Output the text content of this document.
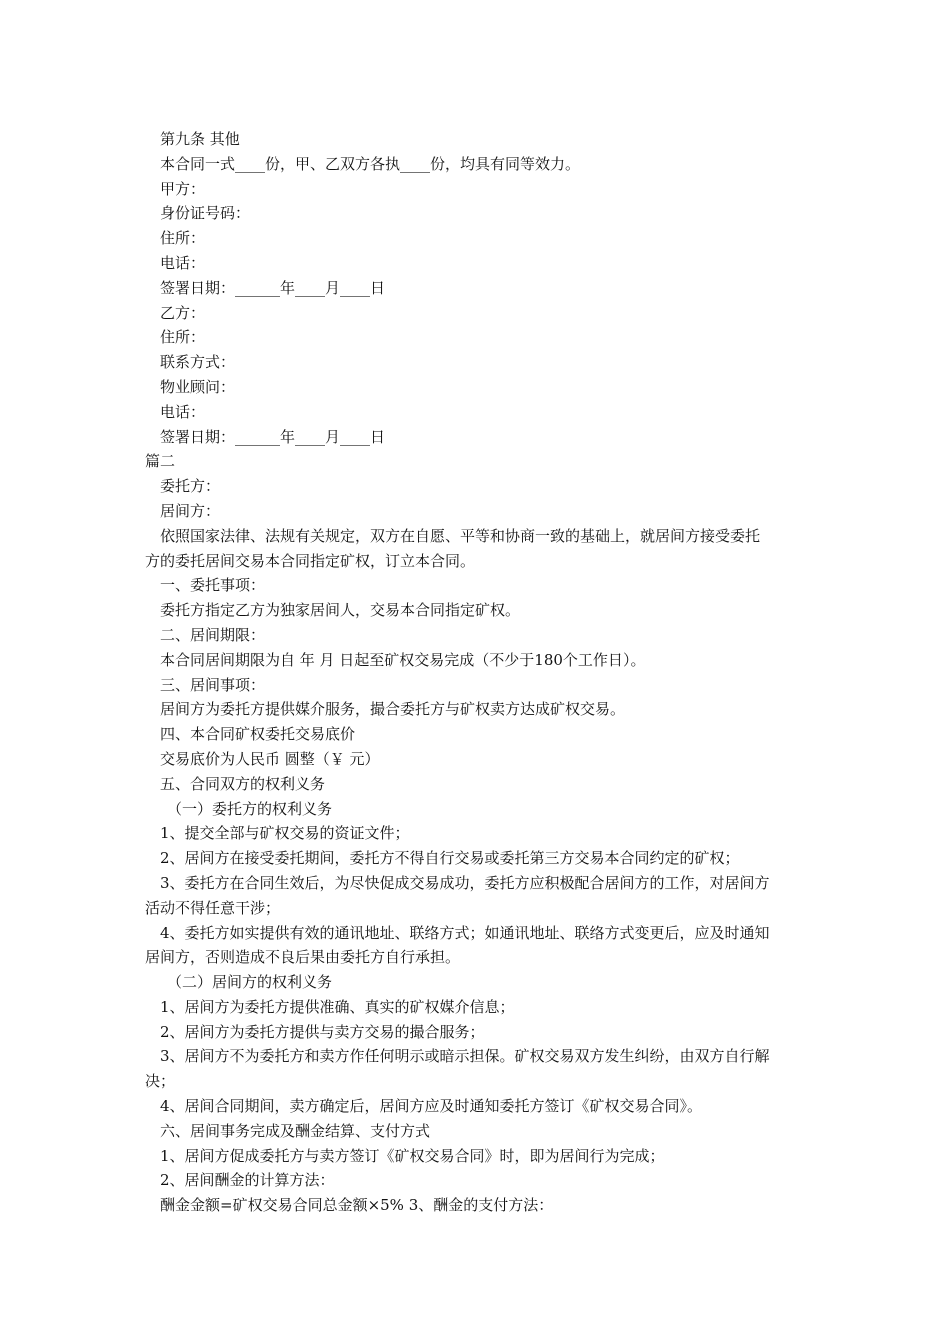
第九条 其他
本合同一式____份，甲、乙双方各执____份，均具有同等效力。
甲方：
身份证号码：
住所：
电话：
签署日期：______年____月____日
乙方：
住所：
联系方式：
物业顾问：
电话：
签署日期：______年____月____日
篇二
委托方：
居间方：
依照国家法律、法规有关规定，双方在自愿、平等和协商一致的基础上，就居间方接受委托
方的委托居间交易本合同指定矿权，订立本合同。
一、委托事项：
委托方指定乙方为独家居间人，交易本合同指定矿权。
二、居间期限：
本合同居间期限为自 年 月 日起至矿权交易完成（不少于180个工作日）。
三、居间事项：
居间方为委托方提供媒介服务，撮合委托方与矿权卖方达成矿权交易。
四、本合同矿权委托交易底价
交易底价为人民币 圆整（￥ 元）
五、合同双方的权利义务
（一）委托方的权利义务
1、提交全部与矿权交易的资证文件；
2、居间方在接受委托期间，委托方不得自行交易或委托第三方交易本合同约定的矿权；
3、委托方在合同生效后，为尽快促成交易成功，委托方应积极配合居间方的工作，对居间方
活动不得任意干涉；
4、委托方如实提供有效的通讯地址、联络方式；如通讯地址、联络方式变更后，应及时通知
居间方，否则造成不良后果由委托方自行承担。
（二）居间方的权利义务
1、居间方为委托方提供准确、真实的矿权媒介信息；
2、居间方为委托方提供与卖方交易的撮合服务；
3、居间方不为委托方和卖方作任何明示或暗示担保。矿权交易双方发生纠纷，由双方自行解
决；
4、居间合同期间，卖方确定后，居间方应及时通知委托方签订《矿权交易合同》。
六、居间事务完成及酬金结算、支付方式
1、居间方促成委托方与卖方签订《矿权交易合同》时，即为居间行为完成；
2、居间酬金的计算方法：
酬金金额=矿权交易合同总金额×5% 3、酬金的支付方法：
